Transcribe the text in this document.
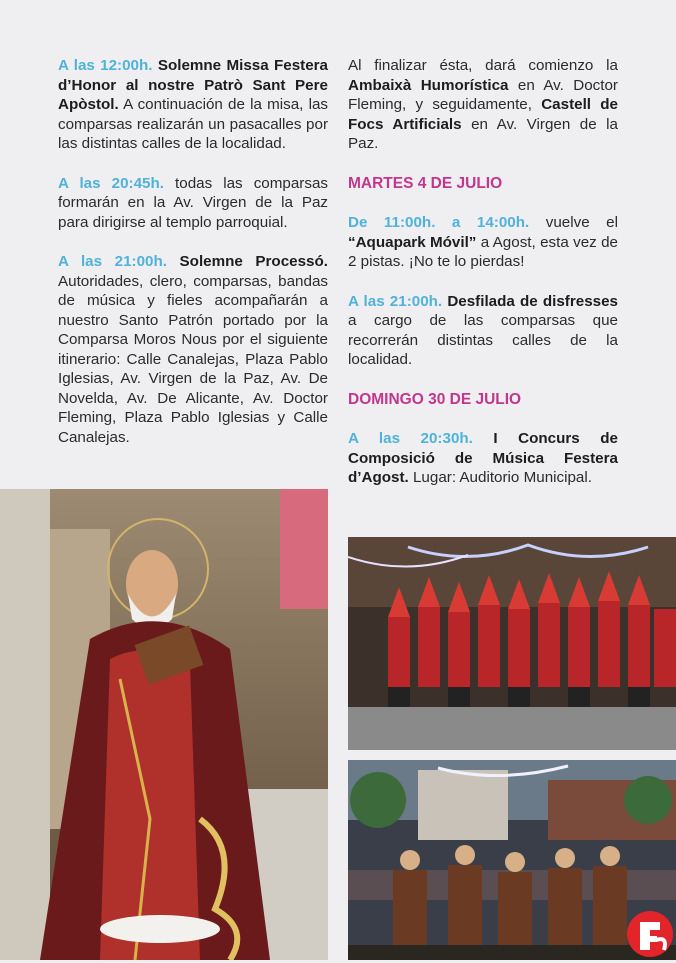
A las 12:00h. Solemne Missa Festera d’Honor al nostre Patrò Sant Pere Apòstol. A continuación de la misa, las comparsas realizarán un pasacalles por las distintas calles de la localidad.

A las 20:45h. todas las comparsas formarán en la Av. Virgen de la Paz para dirigirse al templo parroquial.

A las 21:00h. Solemne Processó. Autoridades, clero, comparsas, bandas de música y fieles acompañarán a nuestro Santo Patrón portado por la Comparsa Moros Nous por el siguiente itinerario: Calle Canalejas, Plaza Pablo Iglesias, Av. Virgen de la Paz, Av. De Novelda, Av. De Alicante, Av. Doctor Fleming, Plaza Pablo Iglesias y Calle Canalejas.

Al finalizar ésta, dará comienzo la Ambaixà Humorística en Av. Doctor Fleming, y seguidamente, Castell de Focs Artificials en Av. Virgen de la Paz.

MARTES 4 DE JULIO

De 11:00h. a 14:00h. vuelve el “Aquapark Móvil” a Agost, esta vez de 2 pistas. ¡No te lo pierdas!

A las 21:00h. Desfilada de disfresses a cargo de las comparsas que recorrerán distintas calles de la localidad.

DOMINGO 30 DE JULIO

A las 20:30h. I Concurs de Composició de Música Festera d’Agost. Lugar: Auditorio Municipal.
